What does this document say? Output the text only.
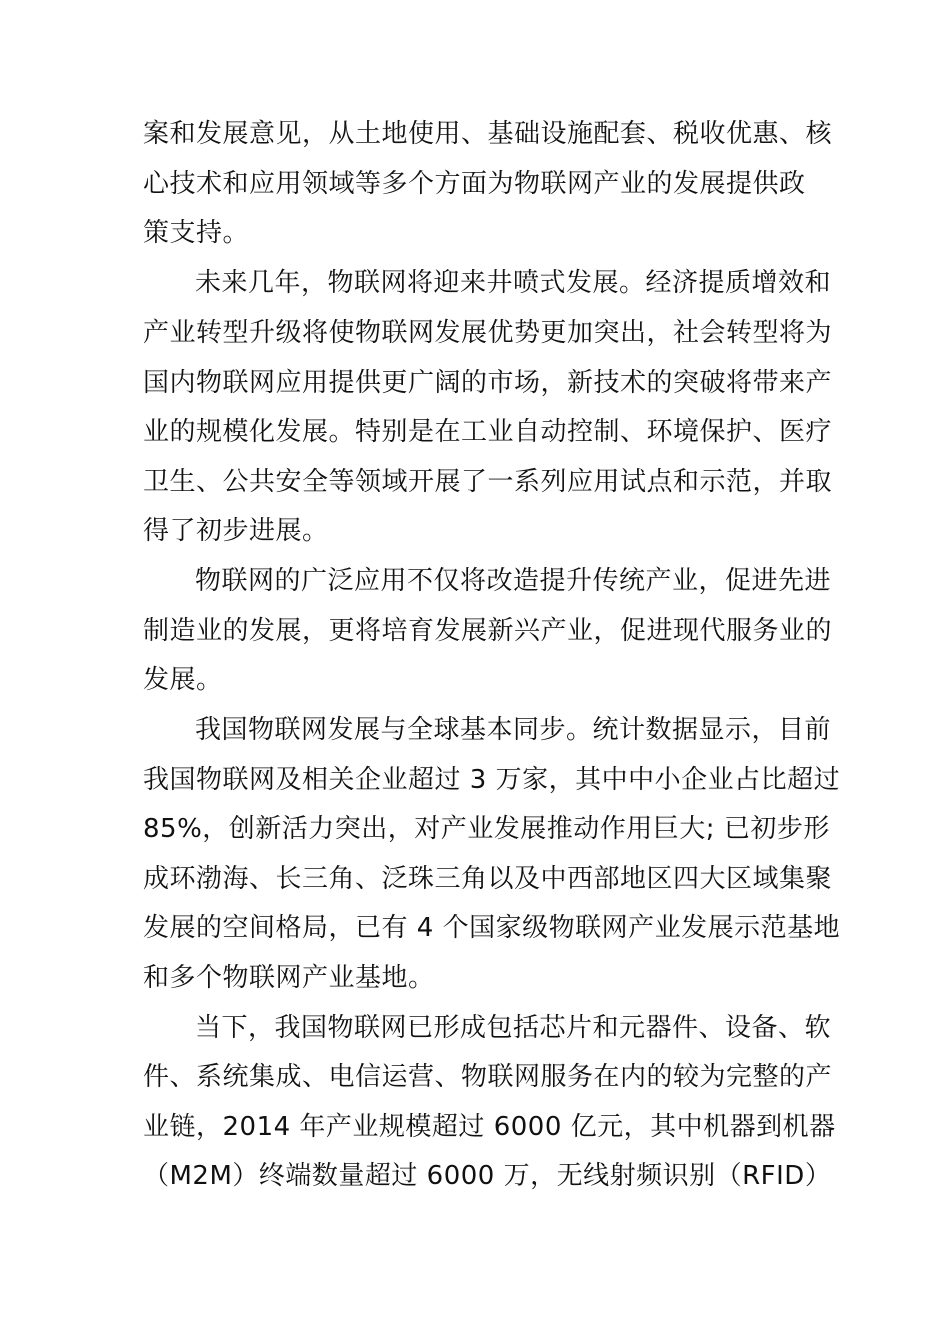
案和发展意见，从土地使用、基础设施配套、税收优惠、核
心技术和应用领域等多个方面为物联网产业的发展提供政
策支持。
未来几年，物联网将迎来井喷式发展。经济提质增效和
产业转型升级将使物联网发展优势更加突出，社会转型将为
国内物联网应用提供更广阔的市场，新技术的突破将带来产
业的规模化发展。特别是在工业自动控制、环境保护、医疗
卫生、公共安全等领域开展了一系列应用试点和示范，并取
得了初步进展。
物联网的广泛应用不仅将改造提升传统产业，促进先进
制造业的发展，更将培育发展新兴产业，促进现代服务业的
发展。
我国物联网发展与全球基本同步。统计数据显示，目前
我国物联网及相关企业超过 3 万家，其中中小企业占比超过
85%，创新活力突出，对产业发展推动作用巨大; 已初步形
成环渤海、长三角、泛珠三角以及中西部地区四大区域集聚
发展的空间格局，已有 4 个国家级物联网产业发展示范基地
和多个物联网产业基地。
当下，我国物联网已形成包括芯片和元器件、设备、软
件、系统集成、电信运营、物联网服务在内的较为完整的产
业链，2014 年产业规模超过 6000 亿元，其中机器到机器
（M2M）终端数量超过 6000 万，无线射频识别（RFID）
